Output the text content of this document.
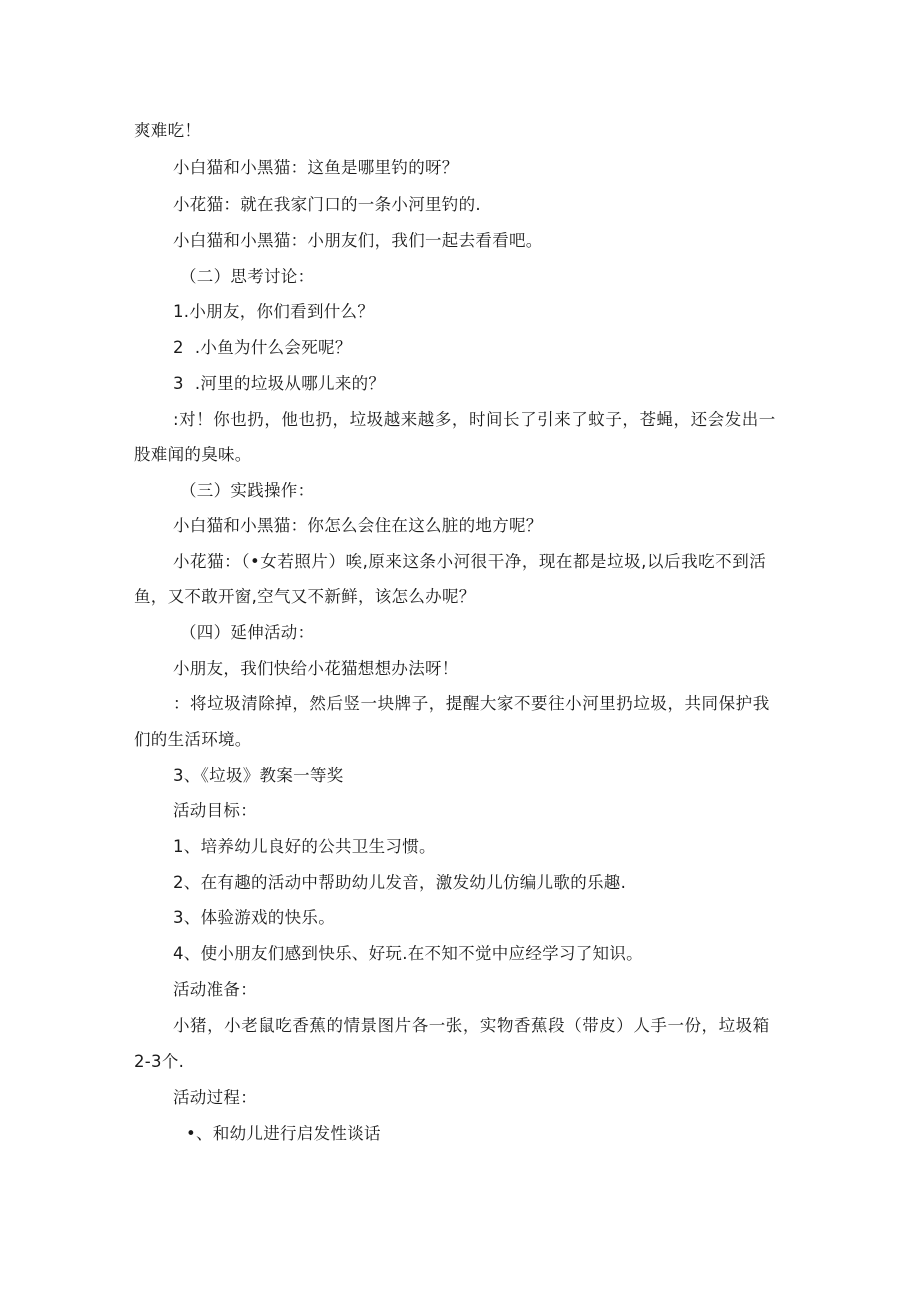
爽难吃！
小白猫和小黑猫：这鱼是哪里钓的呀？
小花猫：就在我家门口的一条小河里钓的.
小白猫和小黑猫：小朋友们，我们一起去看看吧。
（二）思考讨论：
1.小朋友，你们看到什么？
2  .小鱼为什么会死呢？
3  .河里的垃圾从哪儿来的？
:对！你也扔，他也扔，垃圾越来越多，时间长了引来了蚊子，苍蝇，还会发出一
股难闻的臭味。
（三）实践操作：
小白猫和小黑猫：你怎么会住在这么脏的地方呢？
小花猫：（•女若照片）唉,原来这条小河很干净，现在都是垃圾,以后我吃不到活
鱼，又不敢开窗,空气又不新鲜，该怎么办呢？
（四）延伸活动：
小朋友，我们快给小花猫想想办法呀！
：将垃圾清除掉，然后竖一块牌子，提醒大家不要往小河里扔垃圾，共同保护我
们的生活环境。
3、《垃圾》教案一等奖
活动目标：
1、培养幼儿良好的公共卫生习惯。
2、在有趣的活动中帮助幼儿发音，激发幼儿仿编儿歌的乐趣.
3、体验游戏的快乐。
4、使小朋友们感到快乐、好玩.在不知不觉中应经学习了知识。
活动准备：
小猪，小老鼠吃香蕉的情景图片各一张，实物香蕉段（带皮）人手一份，垃圾箱
2-3个.
活动过程：
•、和幼儿进行启发性谈话
